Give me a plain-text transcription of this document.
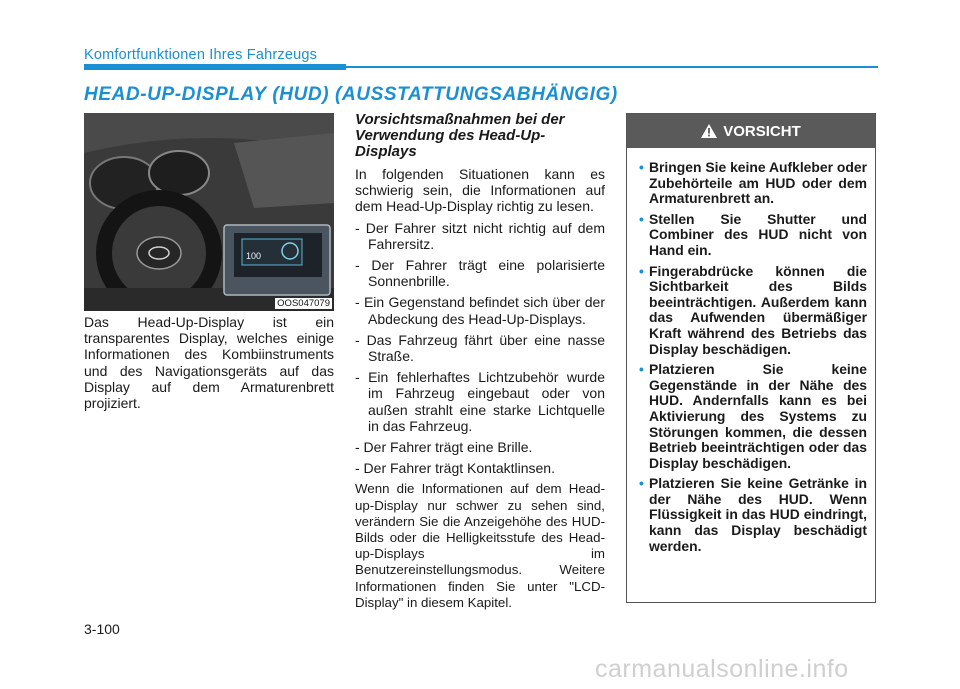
Komfortfunktionen Ihres Fahrzeugs
HEAD-UP-DISPLAY (HUD) (AUSSTATTUNGSABHÄNGIG)
100
OOS047079
Das Head-Up-Display ist ein transparentes Display, welches einige Informationen des Kombiinstruments und des Navigationsgeräts auf das Display auf dem Armaturenbrett projiziert.
Vorsichtsmaßnahmen bei der Verwendung des Head-Up-Displays

In folgenden Situationen kann es schwierig sein, die Informationen auf dem Head-Up-Display richtig zu lesen.

- Der Fahrer sitzt nicht richtig auf dem Fahrersitz.
- Der Fahrer trägt eine polarisierte Sonnenbrille.
- Ein Gegenstand befindet sich über der Abdeckung des Head-Up-Displays.
- Das Fahrzeug fährt über eine nasse Straße.
- Ein fehlerhaftes Lichtzubehör wurde im Fahrzeug eingebaut oder von außen strahlt eine starke Lichtquelle in das Fahrzeug.
- Der Fahrer trägt eine Brille.
- Der Fahrer trägt Kontaktlinsen.

Wenn die Informationen auf dem Head-up-Display nur schwer zu sehen sind, verändern Sie die Anzeigehöhe des HUD-Bilds oder die Helligkeitsstufe des Head-up-Displays im Benutzereinstellungsmodus. Weitere Informationen finden Sie unter "LCD-Display" in diesem Kapitel.

VORSICHT
• Bringen Sie keine Aufkleber oder Zubehörteile am HUD oder dem Armaturenbrett an.
• Stellen Sie Shutter und Combiner des HUD nicht von Hand ein.
• Fingerabdrücke können die Sichtbarkeit des Bilds beeinträchtigen. Außerdem kann das Aufwenden übermäßiger Kraft während des Betriebs das Display beschädigen.
• Platzieren Sie keine Gegenstände in der Nähe des HUD. Andernfalls kann es bei Aktivierung des Systems zu Störungen kommen, die dessen Betrieb beeinträchtigen oder das Display beschädigen.
• Platzieren Sie keine Getränke in der Nähe des HUD. Wenn Flüssigkeit in das HUD eindringt, kann das Display beschädigt werden.
3-100
carmanualsonline.info
